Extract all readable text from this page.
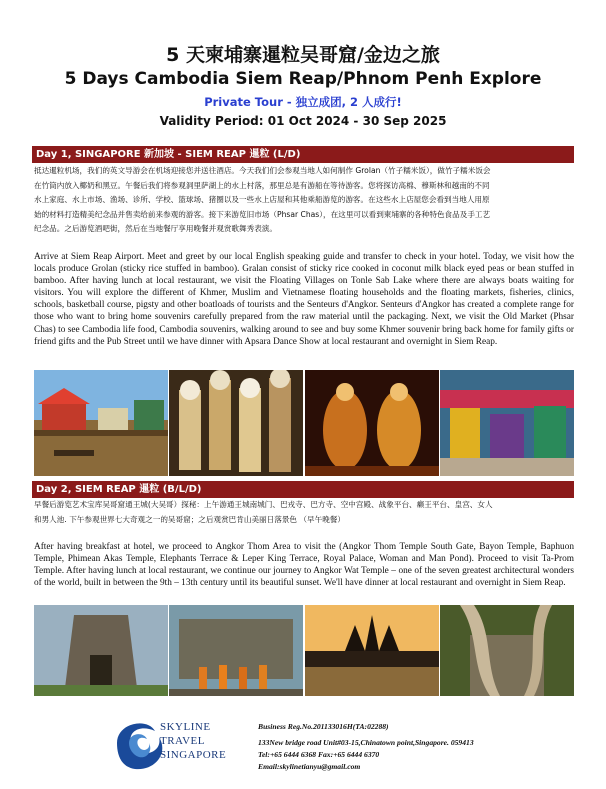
5 天柬埔寨暹粒吴哥窟/金边之旅
5 Days Cambodia Siem Reap/Phnom Penh Explore
Private Tour - 独立成团, 2 人成行!
Validity Period: 01 Oct 2024 - 30 Sep 2025
Day 1, SINGAPORE 新加坡 - SIEM REAP 暹粒 (L/D)
抵达暹粒机场，我们的英文导游会在机场迎接您并送往酒店。今天我们们会参观当地人如何制作 Grolan（竹子糯米饭），做竹子糯米饭会
在竹筒内放入椰奶和黑豆。午餐后我们将参观洞里萨湖上的水上村落，那里总是有游船在等待游客。您将探访高棉、穆斯林和越南的不同
水上家庭、水上市场、渔场、诊所、学校、篮球场、猪圈以及一些水上店屋和其他乘船游览的游客。在这些水上店屋您会看到当地人用原
始的材料打造精美纪念品并售卖给前来参观的游客。接下来游览旧市场（Phsar Chas），在这里可以看到柬埔寨的各种特色食品及手工艺
纪念品。之后游览酒吧街，然后在当地餐厅享用晚餐并观赏歌舞秀表演。
Arrive at Siem Reap Airport. Meet and greet by our local English speaking guide and transfer to check in your hotel. Today, we visit how the locals produce Grolan (sticky rice stuffed in bamboo). Gralan consist of sticky rice cooked in coconut milk black eyed peas or bean stuffed in bamboo. After having lunch at local restaurant, we visit the Floating Villages on Tonle Sab Lake where there are always boats waiting for visitors. You will explore the different of Khmer, Muslim and Vietnamese floating households and the floating markets, fisheries, clinics, schools, basketball course, pigsty and other boatloads of tourists and the Senteurs d'Angkor. Senteurs d'Angkor has created a complete range for those who want to bring home souvenirs carefully prepared from the raw material until the packaging. Next, we visit the Old Market (Phsar Chas) to see Cambodia life food, Cambodia souvenirs, walking around to see and buy some Khmer souvenir bring back home for family gifts or friend gifts and the Pub Street until we have dinner with Apsara Dance Show at local restaurant and overnight in Siem Reap.
Day 2, SIEM REAP 暹粒 (B/L/D)
早餐后游览艺术宝库吴哥窟通王城(大吴哥）探秘：上午游通王城南城门、巴戎寺、巴方寺、空中宫殿、战象平台、癞王平台、皇宫、女人
和男人池. 下午参观世界七大奇观之一的吴哥窟；之后观赏巴肯山美丽日落景色 （早午晚餐）
After having breakfast at hotel, we proceed to Angkor Thom Area to visit the (Angkor Thom Temple South Gate, Bayon Temple, Baphuon Temple, Phimean Akas Temple, Elephants Terrace & Leper King Terrace, Royal Palace, Woman and Man Pond). Proceed to visit Ta-Prom Temple. After having lunch at local restaurant, we continue our journey to Angkor Wat Temple – one of the seven greatest architectural wonders of the world, built in between the 9th – 13th century until its beautiful sunset. We'll have dinner at local restaurant and overnight in Siem Reap.
SKYLINE
TRAVEL
SINGAPORE
Business Reg.No.201133016H(TA:02288)
133New bridge road Unit#03-15,Chinatown point,Singapore. 059413
Tel:+65 6444 6368 Fax:+65 6444 6370
Email:skylinetianyu@gmail.com
